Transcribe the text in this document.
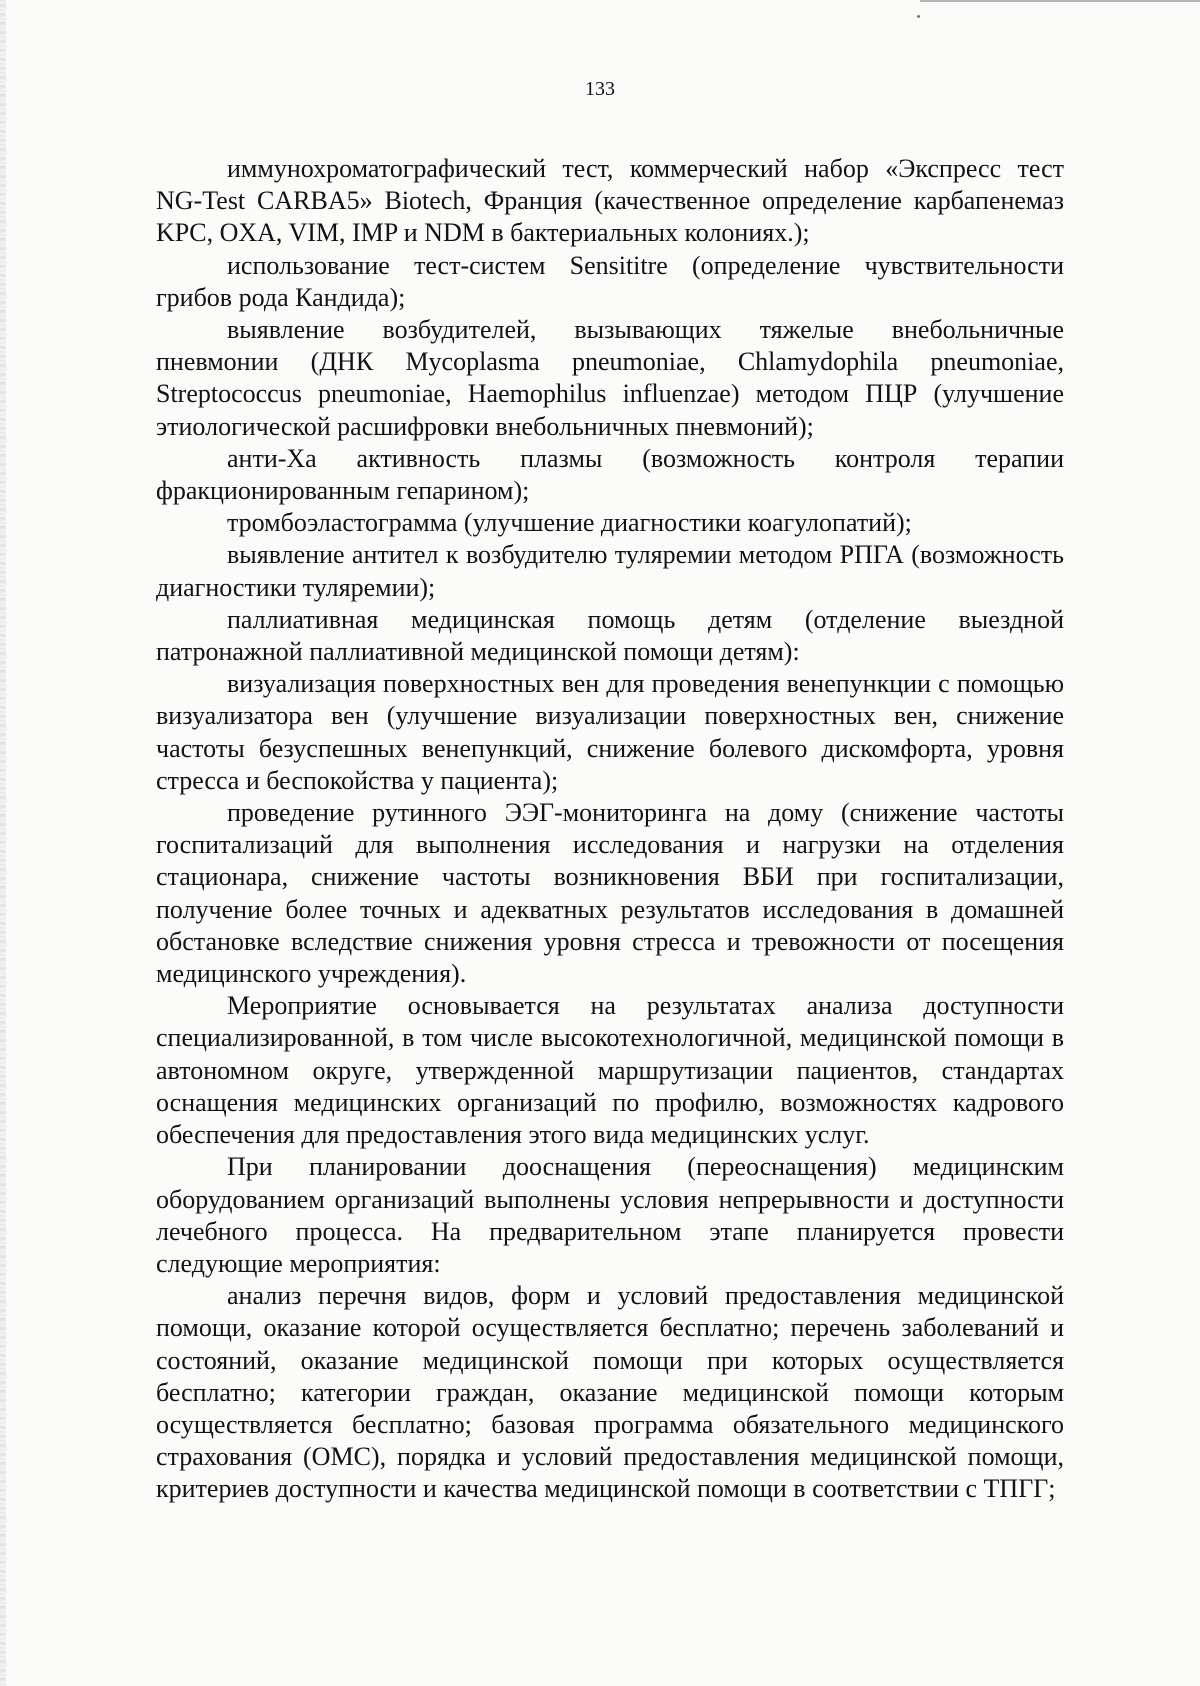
133

иммунохроматографический тест, коммерческий набор «Экспресс тест NG-Test CARBA5» Biotech, Франция (качественное определение карбапенемаз KPC, OXA, VIM, IMP и NDM в бактериальных колониях.);

использование тест-систем Sensititre (определение чувствительности грибов рода Кандида);

выявление возбудителей, вызывающих тяжелые внебольничные пневмонии (ДНК Mycoplasma pneumoniae, Chlamydophila pneumoniae, Streptococcus pneumoniae, Haemophilus influenzae) методом ПЦР (улучшение этиологической расшифровки внебольничных пневмоний);

анти-Ха активность плазмы (возможность контроля терапии фракционированным гепарином);

тромбоэластограмма (улучшение диагностики коагулопатий);

выявление антител к возбудителю туляремии методом РПГА (возможность диагностики туляремии);

паллиативная медицинская помощь детям (отделение выездной патронажной паллиативной медицинской помощи детям):

визуализация поверхностных вен для проведения венепункции с помощью визуализатора вен (улучшение визуализации поверхностных вен, снижение частоты безуспешных венепункций, снижение болевого дискомфорта, уровня стресса и беспокойства у пациента);

проведение рутинного ЭЭГ-мониторинга на дому (снижение частоты госпитализаций для выполнения исследования и нагрузки на отделения стационара, снижение частоты возникновения ВБИ при госпитализации, получение более точных и адекватных результатов исследования в домашней обстановке вследствие снижения уровня стресса и тревожности от посещения медицинского учреждения).

Мероприятие основывается на результатах анализа доступности специализированной, в том числе высокотехнологичной, медицинской помощи в автономном округе, утвержденной маршрутизации пациентов, стандартах оснащения медицинских организаций по профилю, возможностях кадрового обеспечения для предоставления этого вида медицинских услуг.

При планировании дооснащения (переоснащения) медицинским оборудованием организаций выполнены условия непрерывности и доступности лечебного процесса. На предварительном этапе планируется провести следующие мероприятия:

анализ перечня видов, форм и условий предоставления медицинской помощи, оказание которой осуществляется бесплатно; перечень заболеваний и состояний, оказание медицинской помощи при которых осуществляется бесплатно; категории граждан, оказание медицинской помощи которым осуществляется бесплатно; базовая программа обязательного медицинского страхования (ОМС), порядка и условий предоставления медицинской помощи, критериев доступности и качества медицинской помощи в соответствии с ТПГГ;
